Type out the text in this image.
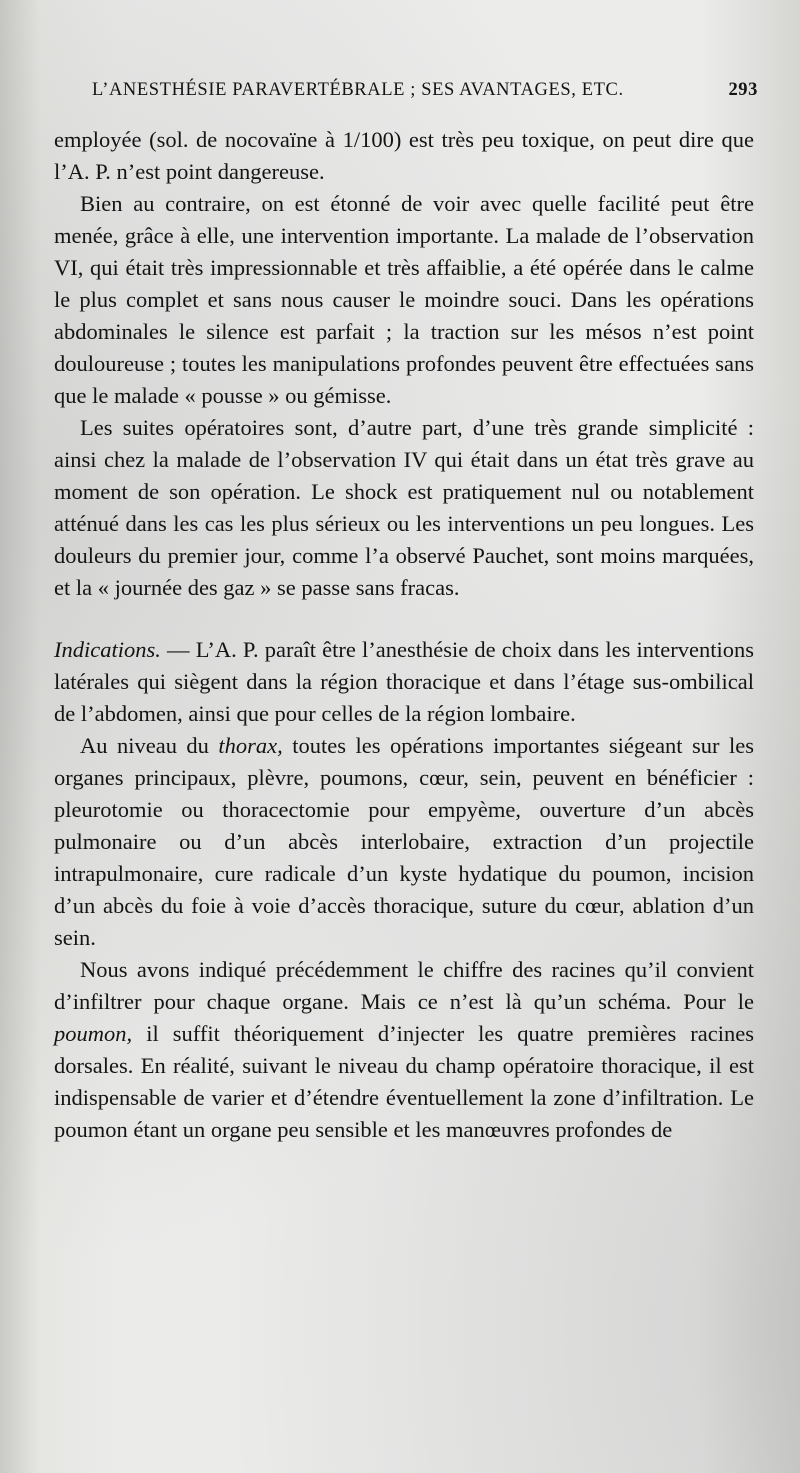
L’ANESTHÉSIE PARAVERTÉBRALE ; SES AVANTAGES, ETC.	293

employée (sol. de nocovaïne à 1/100) est très peu toxique, on peut dire que l’A. P. n’est point dangereuse.

Bien au contraire, on est étonné de voir avec quelle facilité peut être menée, grâce à elle, une intervention importante. La malade de l’observation VI, qui était très impressionnable et très affaiblie, a été opérée dans le calme le plus complet et sans nous causer le moindre souci. Dans les opérations abdominales le silence est parfait ; la traction sur les mésos n’est point douloureuse ; toutes les manipulations profondes peuvent être effectuées sans que le malade « pousse » ou gémisse.

Les suites opératoires sont, d’autre part, d’une très grande simplicité : ainsi chez la malade de l’observation IV qui était dans un état très grave au moment de son opération. Le shock est pratiquement nul ou notablement atténué dans les cas les plus sérieux ou les interventions un peu longues. Les douleurs du premier jour, comme l’a observé Pauchet, sont moins marquées, et la « journée des gaz » se passe sans fracas.

Indications. — L’A. P. paraît être l’anesthésie de choix dans les interventions latérales qui siègent dans la région thoracique et dans l’étage sus-ombilical de l’abdomen, ainsi que pour celles de la région lombaire.

Au niveau du thorax, toutes les opérations importantes siégeant sur les organes principaux, plèvre, poumons, cœur, sein, peuvent en bénéficier : pleurotomie ou thoracectomie pour empyème, ouverture d’un abcès pulmonaire ou d’un abcès interlobaire, extraction d’un projectile intrapulmonaire, cure radicale d’un kyste hydatique du poumon, incision d’un abcès du foie à voie d’accès thoracique, suture du cœur, ablation d’un sein.

Nous avons indiqué précédemment le chiffre des racines qu’il convient d’infiltrer pour chaque organe. Mais ce n’est là qu’un schéma. Pour le poumon, il suffit théoriquement d’injecter les quatre premières racines dorsales. En réalité, suivant le niveau du champ opératoire thoracique, il est indispensable de varier et d’étendre éventuellement la zone d’infiltration. Le poumon étant un organe peu sensible et les manœuvres profondes de
